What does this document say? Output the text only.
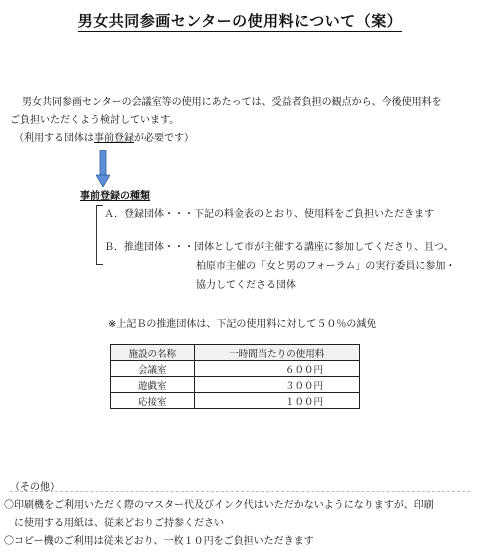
男女共同参画センターの使用料について（案）
男女共同参画センターの会議室等の使用にあたっては、受益者負担の観点から、今後使用料を
ご負担いただくよう検討しています。
（利用する団体は事前登録が必要です）
事前登録の種類
Ａ．登録団体・・・下記の料金表のとおり、使用料をご負担いただきます
Ｂ．推進団体・・・団体として市が主催する講座に参加してくださり、且つ、
柏原市主催の「女と男のフォーラム」の実行委員に参加・
協力してくださる団体
※上記Ｂの推進団体は、下記の使用料に対して５０％の減免
施設の名称	一時間当たりの使用料
会議室	６００円
遊戯室	３００円
応接室	１００円
（その他）
〇印刷機をご利用いただく際のマスター代及びインク代はいただかないようになりますが、印刷
に使用する用紙は、従来どおりご持参ください
〇コピー機のご利用は従来どおり、一枚１０円をご負担いただきます
